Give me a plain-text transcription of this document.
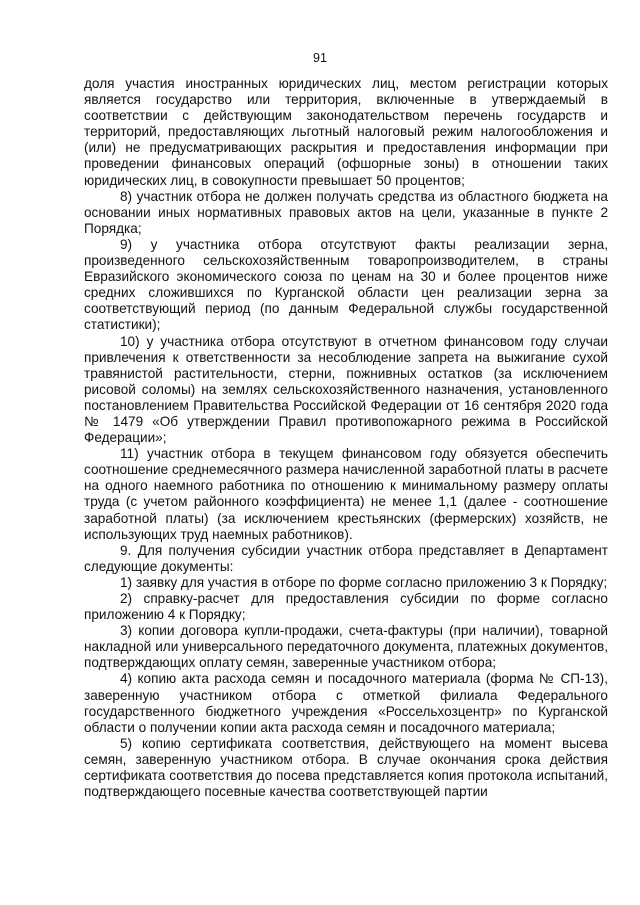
91

доля участия иностранных юридических лиц, местом регистрации которых является государство или территория, включенные в утверждаемый в соответствии с действующим законодательством перечень государств и территорий, предоставляющих льготный налоговый режим налогообложения и (или) не предусматривающих раскрытия и предоставления информации при проведении финансовых операций (офшорные зоны) в отношении таких юридических лиц, в совокупности превышает 50 процентов;

8) участник отбора не должен получать средства из областного бюджета на основании иных нормативных правовых актов на цели, указанные в пункте 2 Порядка;

9) у участника отбора отсутствуют факты реализации зерна, произведенного сельскохозяйственным товаропроизводителем, в страны Евразийского экономического союза по ценам на 30 и более процентов ниже средних сложившихся по Курганской области цен реализации зерна за соответствующий период (по данным Федеральной службы государственной статистики);

10) у участника отбора отсутствуют в отчетном финансовом году случаи привлечения к ответственности за несоблюдение запрета на выжигание сухой травянистой растительности, стерни, пожнивных остатков (за исключением рисовой соломы) на землях сельскохозяйственного назначения, установленного постановлением Правительства Российской Федерации от 16 сентября 2020 года № 1479 «Об утверждении Правил противопожарного режима в Российской Федерации»;

11) участник отбора в текущем финансовом году обязуется обеспечить соотношение среднемесячного размера начисленной заработной платы в расчете на одного наемного работника по отношению к минимальному размеру оплаты труда (с учетом районного коэффициента) не менее 1,1 (далее - соотношение заработной платы) (за исключением крестьянских (фермерских) хозяйств, не использующих труд наемных работников).

9. Для получения субсидии участник отбора представляет в Департамент следующие документы:

1) заявку для участия в отборе по форме согласно приложению 3 к Порядку;

2) справку-расчет для предоставления субсидии по форме согласно приложению 4 к Порядку;

3) копии договора купли-продажи, счета-фактуры (при наличии), товарной накладной или универсального передаточного документа, платежных документов, подтверждающих оплату семян, заверенные участником отбора;

4) копию акта расхода семян и посадочного материала (форма № СП-13), заверенную участником отбора с отметкой филиала Федерального государственного бюджетного учреждения «Россельхозцентр» по Курганской области о получении копии акта расхода семян и посадочного материала;

5) копию сертификата соответствия, действующего на момент высева семян, заверенную участником отбора. В случае окончания срока действия сертификата соответствия до посева представляется копия протокола испытаний, подтверждающего посевные качества соответствующей партии
